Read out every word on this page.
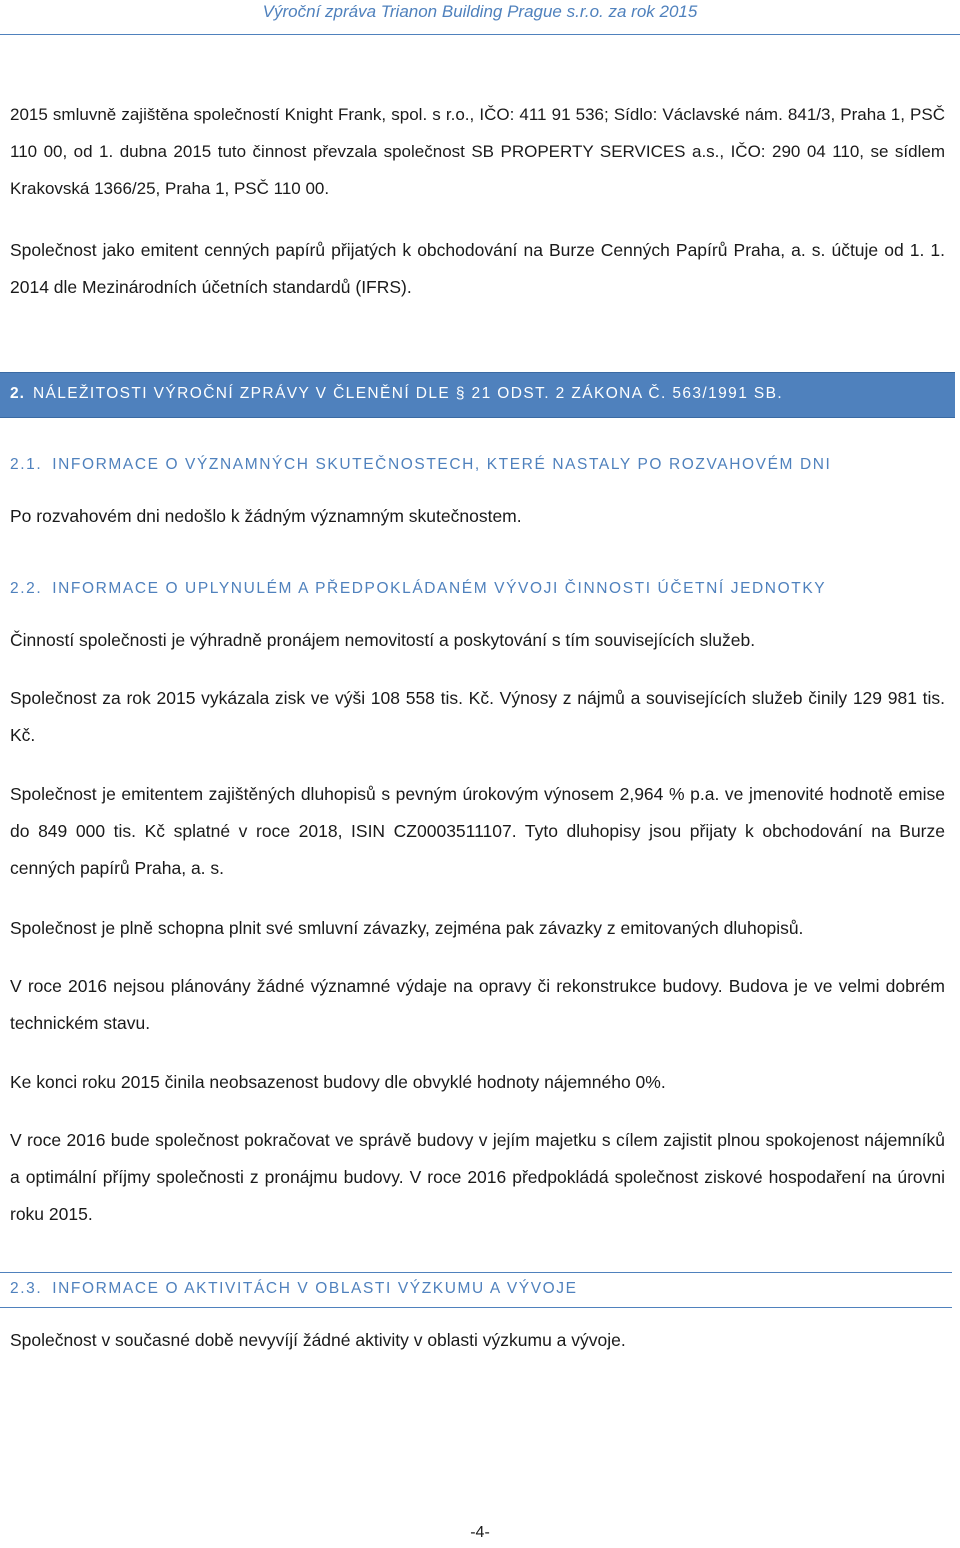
Výroční zpráva Trianon Building Prague s.r.o. za rok 2015

2015 smluvně zajištěna společností Knight Frank, spol. s r.o., IČO: 411 91 536; Sídlo: Václavské nám. 841/3, Praha 1, PSČ 110 00, od 1. dubna 2015 tuto činnost převzala společnost SB PROPERTY SERVICES a.s., IČO: 290 04 110, se sídlem Krakovská 1366/25, Praha 1, PSČ 110 00.

Společnost jako emitent cenných papírů přijatých k obchodování na Burze Cenných Papírů Praha, a. s. účtuje od 1. 1. 2014 dle Mezinárodních účetních standardů (IFRS).

2. NÁLEŽITOSTI VÝROČNÍ ZPRÁVY V ČLENĚNÍ DLE § 21 ODST. 2 ZÁKONA Č. 563/1991 SB.
2.1. INFORMACE O VÝZNAMNÝCH SKUTEČNOSTECH, KTERÉ NASTALY PO ROZVAHOVÉM DNI

Po rozvahovém dni nedošlo k žádným významným skutečnostem.

2.2. INFORMACE O UPLYNULÉM A PŘEDPOKLÁDANÉM VÝVOJI ČINNOSTI ÚČETNÍ JEDNOTKY

Činností společnosti je výhradně pronájem nemovitostí a poskytování s tím souvisejících služeb.

Společnost za rok 2015 vykázala zisk ve výši 108 558 tis. Kč. Výnosy z nájmů a souvisejících služeb činily 129 981 tis. Kč.

Společnost je emitentem zajištěných dluhopisů s pevným úrokovým výnosem 2,964 % p.a. ve jmenovité hodnotě emise do 849 000 tis. Kč splatné v roce 2018, ISIN CZ0003511107. Tyto dluhopisy jsou přijaty k obchodování na Burze cenných papírů Praha, a. s.

Společnost je plně schopna plnit své smluvní závazky, zejména pak závazky z emitovaných dluhopisů.

V roce 2016 nejsou plánovány žádné významné výdaje na opravy či rekonstrukce budovy. Budova je ve velmi dobrém technickém stavu.

Ke konci roku 2015 činila neobsazenost budovy dle obvyklé hodnoty nájemného 0%.

V roce 2016 bude společnost pokračovat ve správě budovy v jejím majetku s cílem zajistit plnou spokojenost nájemníků a optimální příjmy společnosti z pronájmu budovy. V roce 2016 předpokládá společnost ziskové hospodaření na úrovni roku 2015.

2.3. INFORMACE O AKTIVITÁCH V OBLASTI VÝZKUMU A VÝVOJE

Společnost v současné době nevyvíjí žádné aktivity v oblasti výzkumu a vývoje.

-4-
